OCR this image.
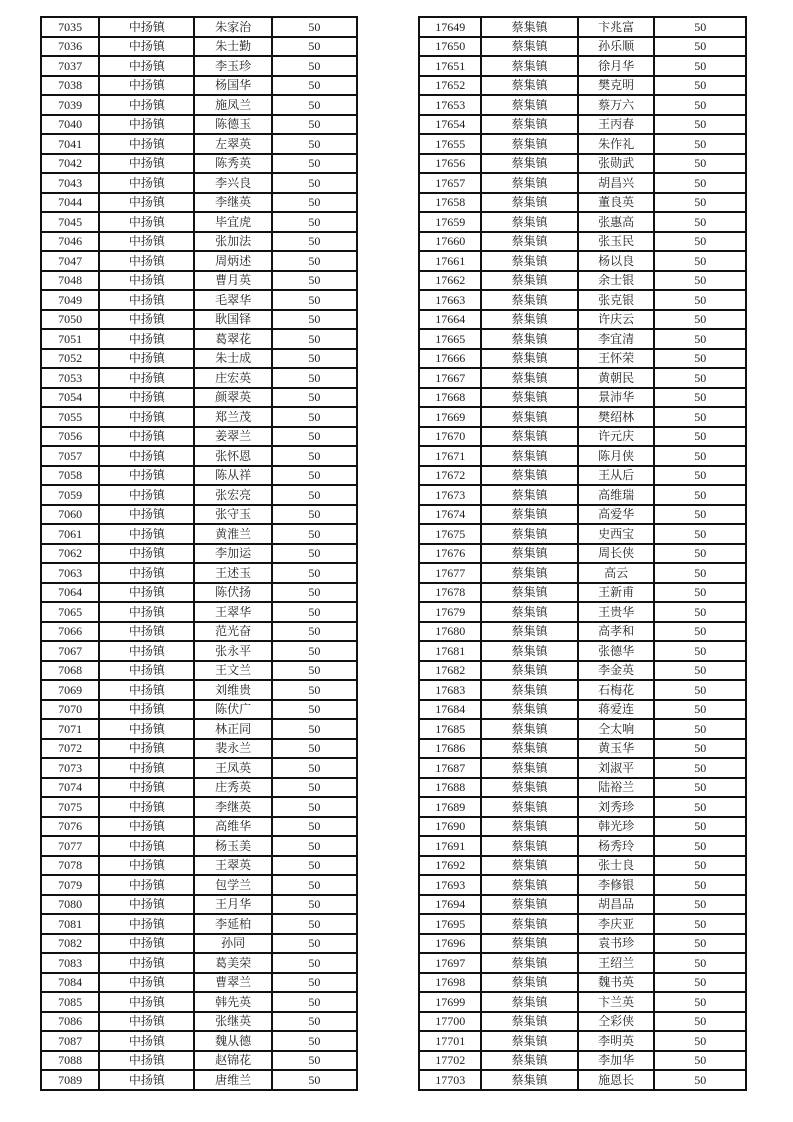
7035	中扬镇	朱家治	50
7036	中扬镇	朱士勤	50
7037	中扬镇	李玉珍	50
7038	中扬镇	杨国华	50
7039	中扬镇	施凤兰	50
7040	中扬镇	陈德玉	50
7041	中扬镇	左翠英	50
7042	中扬镇	陈秀英	50
7043	中扬镇	李兴良	50
7044	中扬镇	李继英	50
7045	中扬镇	毕宜虎	50
7046	中扬镇	张加法	50
7047	中扬镇	周炳述	50
7048	中扬镇	曹月英	50
7049	中扬镇	毛翠华	50
7050	中扬镇	耿国铎	50
7051	中扬镇	葛翠花	50
7052	中扬镇	朱士成	50
7053	中扬镇	庄宏英	50
7054	中扬镇	颜翠英	50
7055	中扬镇	郑兰茂	50
7056	中扬镇	姜翠兰	50
7057	中扬镇	张怀恩	50
7058	中扬镇	陈从祥	50
7059	中扬镇	张宏亮	50
7060	中扬镇	张守玉	50
7061	中扬镇	黄淮兰	50
7062	中扬镇	李加运	50
7063	中扬镇	王述玉	50
7064	中扬镇	陈伏扬	50
7065	中扬镇	王翠华	50
7066	中扬镇	范光奋	50
7067	中扬镇	张永平	50
7068	中扬镇	王文兰	50
7069	中扬镇	刘维贵	50
7070	中扬镇	陈伏广	50
7071	中扬镇	林正同	50
7072	中扬镇	裴永兰	50
7073	中扬镇	王凤英	50
7074	中扬镇	庄秀英	50
7075	中扬镇	李继英	50
7076	中扬镇	高维华	50
7077	中扬镇	杨玉美	50
7078	中扬镇	王翠英	50
7079	中扬镇	包学兰	50
7080	中扬镇	王月华	50
7081	中扬镇	李延柏	50
7082	中扬镇	孙同	50
7083	中扬镇	葛美荣	50
7084	中扬镇	曹翠兰	50
7085	中扬镇	韩先英	50
7086	中扬镇	张继英	50
7087	中扬镇	魏从德	50
7088	中扬镇	赵锦花	50
7089	中扬镇	唐维兰	50
17649	蔡集镇	卞兆富	50
17650	蔡集镇	孙乐顺	50
17651	蔡集镇	徐月华	50
17652	蔡集镇	樊克明	50
17653	蔡集镇	蔡万六	50
17654	蔡集镇	王丙春	50
17655	蔡集镇	朱作礼	50
17656	蔡集镇	张勋武	50
17657	蔡集镇	胡昌兴	50
17658	蔡集镇	董良英	50
17659	蔡集镇	张惠高	50
17660	蔡集镇	张玉民	50
17661	蔡集镇	杨以良	50
17662	蔡集镇	余士银	50
17663	蔡集镇	张克银	50
17664	蔡集镇	许庆云	50
17665	蔡集镇	李宜清	50
17666	蔡集镇	王怀荣	50
17667	蔡集镇	黄朝民	50
17668	蔡集镇	景沛华	50
17669	蔡集镇	樊绍林	50
17670	蔡集镇	许元庆	50
17671	蔡集镇	陈月侠	50
17672	蔡集镇	王从后	50
17673	蔡集镇	高维瑞	50
17674	蔡集镇	高爱华	50
17675	蔡集镇	史西宝	50
17676	蔡集镇	周长侠	50
17677	蔡集镇	高云	50
17678	蔡集镇	王新甫	50
17679	蔡集镇	王贵华	50
17680	蔡集镇	高孝和	50
17681	蔡集镇	张德华	50
17682	蔡集镇	李金英	50
17683	蔡集镇	石梅花	50
17684	蔡集镇	蒋爱连	50
17685	蔡集镇	仝太响	50
17686	蔡集镇	黄玉华	50
17687	蔡集镇	刘淑平	50
17688	蔡集镇	陆裕兰	50
17689	蔡集镇	刘秀珍	50
17690	蔡集镇	韩光珍	50
17691	蔡集镇	杨秀玲	50
17692	蔡集镇	张士良	50
17693	蔡集镇	李修银	50
17694	蔡集镇	胡昌品	50
17695	蔡集镇	李庆亚	50
17696	蔡集镇	袁书珍	50
17697	蔡集镇	王绍兰	50
17698	蔡集镇	魏书英	50
17699	蔡集镇	卞兰英	50
17700	蔡集镇	仝彩侠	50
17701	蔡集镇	李明英	50
17702	蔡集镇	李加华	50
17703	蔡集镇	施恩长	50
